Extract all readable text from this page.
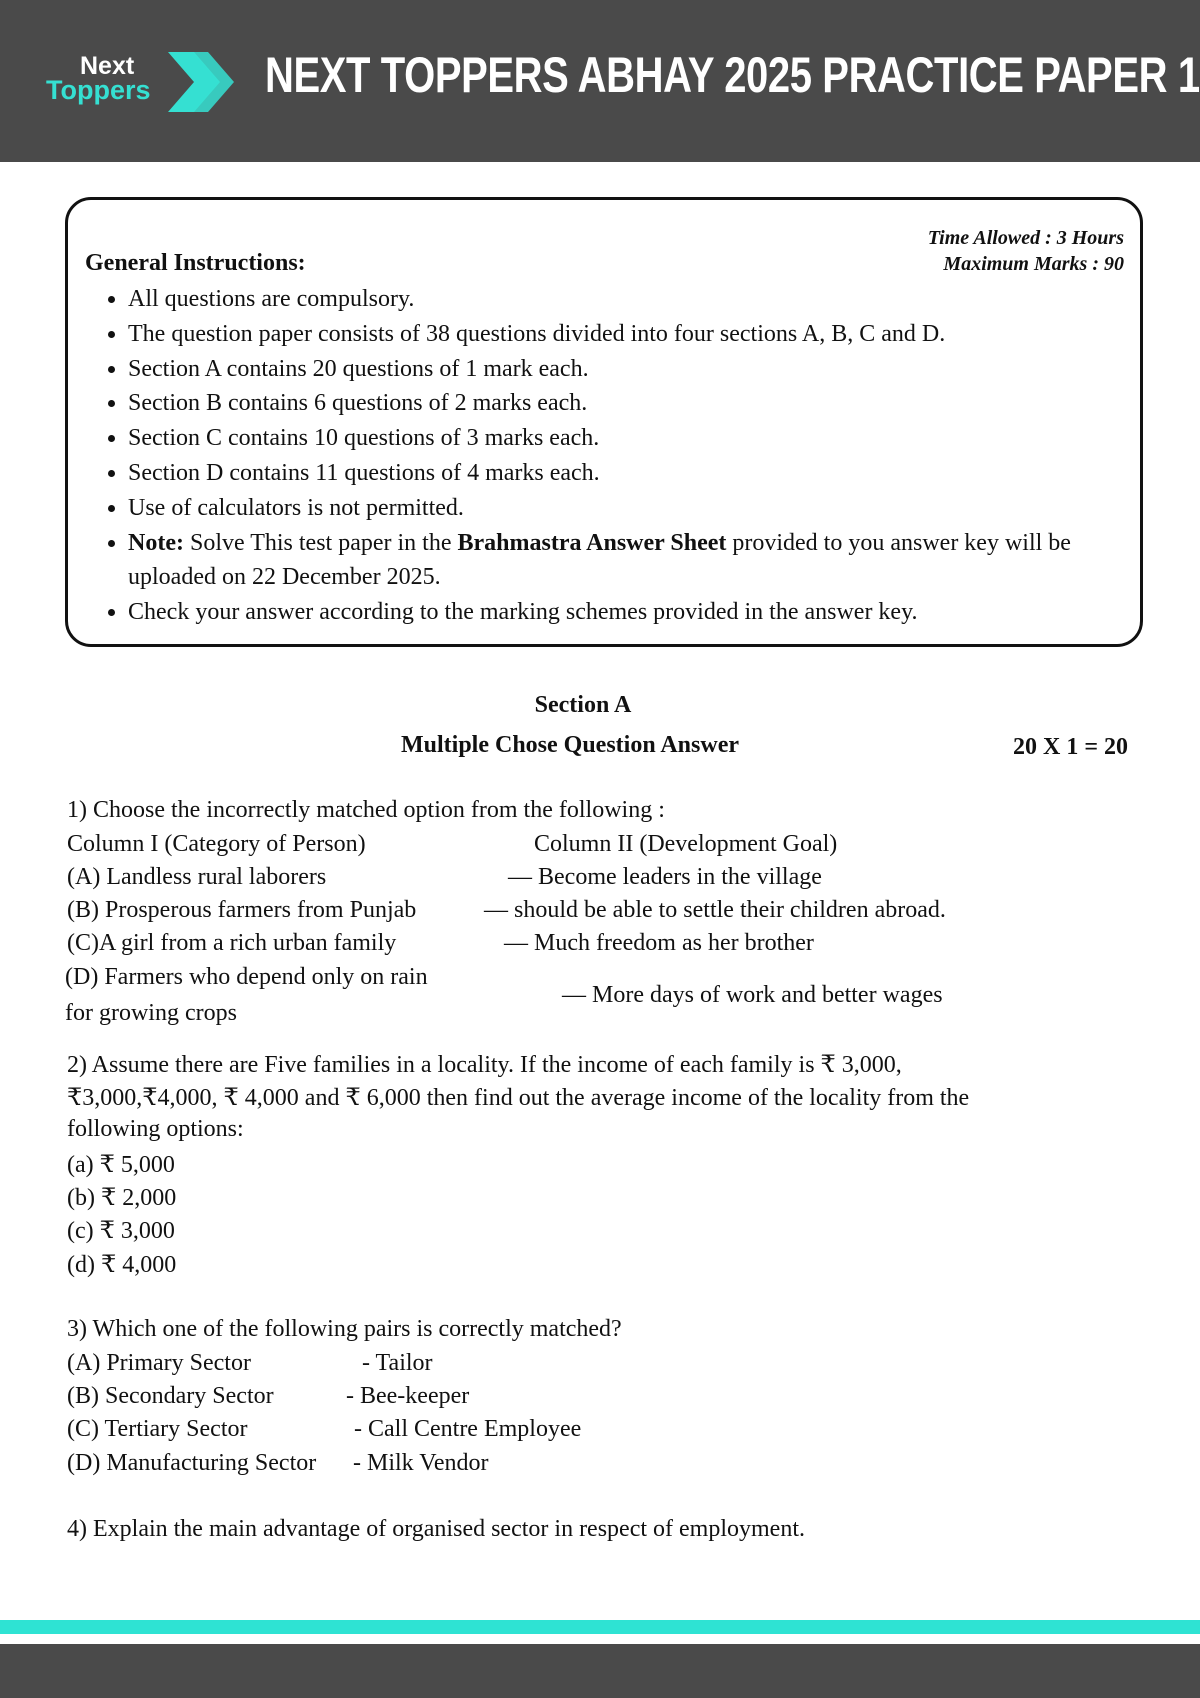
Next
Toppers NEXT TOPPERS ABHAY 2025 PRACTICE PAPER 1
Time Allowed : 3 Hours
Maximum Marks : 90
General Instructions:
• All questions are compulsory.
• The question paper consists of 38 questions divided into four sections A, B, C and D.
• Section A contains 20 questions of 1 mark each.
• Section B contains 6 questions of 2 marks each.
• Section C contains 10 questions of 3 marks each.
• Section D contains 11 questions of 4 marks each.
• Use of calculators is not permitted.
• Note: Solve This test paper in the Brahmastra Answer Sheet provided to you answer key will be uploaded on 22 December 2025.
• Check your answer according to the marking schemes provided in the answer key.
Section A
Multiple Chose Question Answer	20 X 1 = 20
1) Choose the incorrectly matched option from the following :
Column I (Category of Person)	Column II (Development Goal)
(A) Landless rural laborers	— Become leaders in the village
(B) Prosperous farmers from Punjab	— should be able to settle their children abroad.
(C)A girl from a rich urban family	— Much freedom as her brother
(D) Farmers who depend only on rain
for growing crops
— More days of work and better wages
2) Assume there are Five families in a locality. If the income of each family is ₹ 3,000,
₹3,000,₹4,000, ₹ 4,000 and ₹ 6,000 then find out the average income of the locality from the
following options:
(a) ₹ 5,000
(b) ₹ 2,000
(c) ₹ 3,000
(d) ₹ 4,000
3) Which one of the following pairs is correctly matched?
(A) Primary Sector	- Tailor
(B) Secondary Sector	- Bee-keeper
(C) Tertiary Sector	- Call Centre Employee
(D) Manufacturing Sector - Milk Vendor
4) Explain the main advantage of organised sector in respect of employment.
